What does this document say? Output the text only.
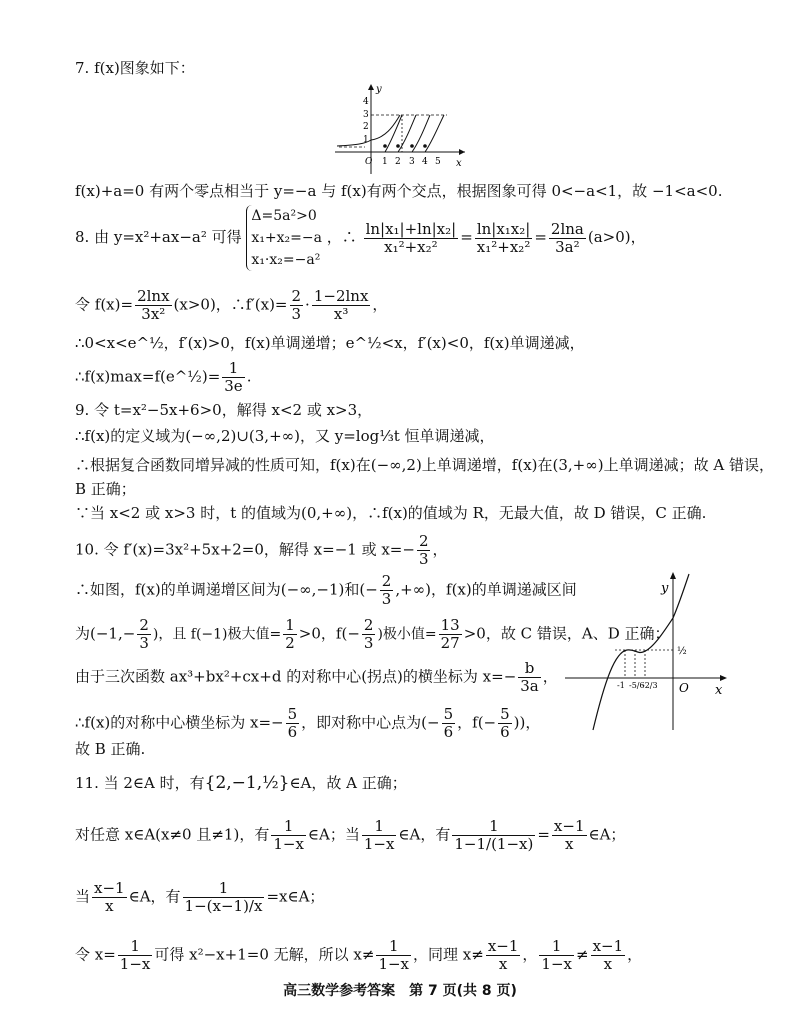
7. f(x)图象如下：
y
x
O 1 2 3 4 5
1
2
3
4
f(x)+a=0 有两个零点相当于 y=−a 与 f(x)有两个交点，根据图象可得 0<−a<1，故 −1<a<0.
8. 由 y=x²+ax−a² 可得
Δ=5a²>0
x₁+x₂=−a
x₁·x₂=−a²
，∴ $\frac{\text{ln|x₁|+ln|x₂|}}{\text{x₁²+x₂²}} = \frac{\text{ln|x₁x₂|}}{\text{x₁²+x₂²}} = \frac{2\ln a}{\text{3a²}} (a>0)$，
令 $f(x)= \frac{2\ln x}{\text{3x²}} (x>0)$，∴f′(x)= $\frac{2}{3} \cdot \frac{1-2\ln x}{\text{x³}}$ ，
∴0<x<e^½，f′(x)>0，f(x)单调递增；e^½<x，f′(x)<0，f(x)单调递减，
∴f(x)max=f(e^½)= $\frac{1}{3e}$ .
9. 令 t=x²−5x+6>0，解得 x<2 或 x>3，
∴f(x)的定义域为(−∞,2)∪(3,+∞)，又 y=log⅓t 恒单调递减，
∴根据复合函数同增异减的性质可知，f(x)在(−∞,2)上单调递增，f(x)在(3,+∞)上单调递减；故 A 错误，
B 正确；
∵当 x<2 或 x>3 时，t 的值域为(0,+∞)，∴f(x)的值域为 R，无最大值，故 D 错误，C 正确.
10. 令 f′(x)=3x²+5x+2=0，解得 x=−1 或 $x=- \frac{2}{3}$ ，
∴如图，f(x)的单调递增区间为(−∞,−1)和(− $\frac{2}{3}$ ,+∞)，f(x)的单调递减区间
为($-1,- \frac{2}{3}$ )，且 f(−1)极大值= $\frac{1}{2} >0$，$f(- \frac{2}{3}$ )极小值= $\frac{13}{27} >0$，故 C 错误，A、D 正确；
由于三次函数 ax³+bx²+cx+d 的对称中心(拐点)的横坐标为 $x=- \frac{b}{3a}$ ，
∴f(x)的对称中心横坐标为 $x=- \frac{5}{6}$ ，即对称中心点为(− $\frac{5}{6}$ ，$f(- \frac{5}{6}$ ))，
故 B 正确.
y
x
O
½
-1 -5/6
-2/3
11. 当 2∈A 时，有{2,−1,½}∈A，故 A 正确；
对任意 x∈A(x≠0 且≠1)，有 $\frac{1}{1-x}$ ∈A；当 $\frac{1}{1-x}$ ∈A，有 $\frac{1}{1-1/(1-x)} = \frac{x-1}{x}$ ∈A；
当 $\frac{x-1}{x}$ ∈A，有 $\frac{1}{1-(x-1)/x}$ =x∈A；
令 $x= \frac{1}{1-x}$ 可得 x²−x+1=0 无解，所以 $x\ne \frac{1}{1-x}$ ，同理 $x\ne \frac{x-1}{x}$ ， $\frac{1}{1-x} \ne \frac{x-1}{x}$ ，
高三数学参考答案　第 7 页(共 8 页)
